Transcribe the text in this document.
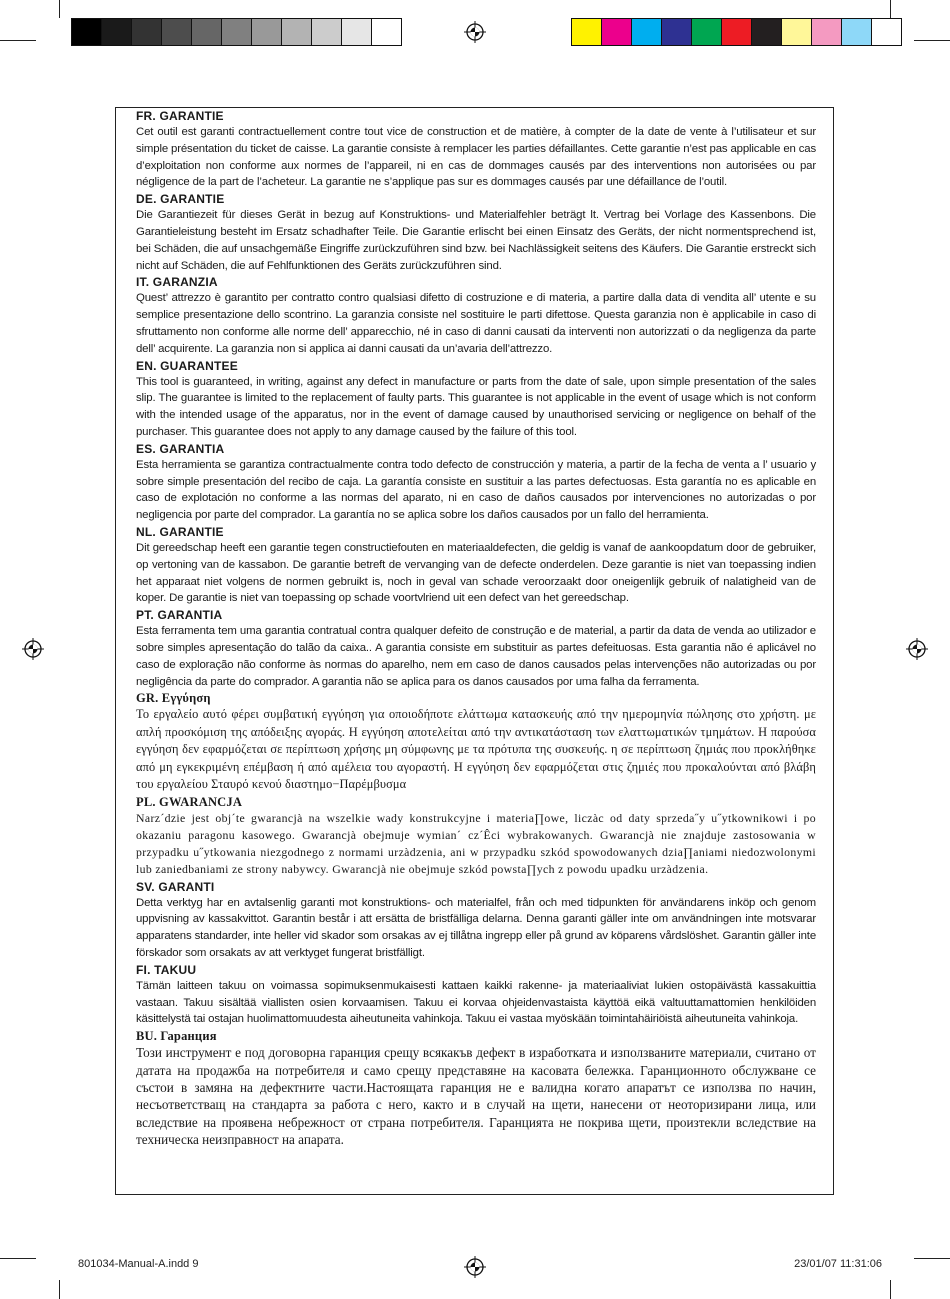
FR. GARANTIE
Cet outil est garanti contractuellement contre tout vice de construction et de matière, à compter de la date de vente à l’utilisateur et sur simple présentation du ticket de caisse. La garantie consiste à remplacer les parties défaillantes. Cette garantie n’est pas applicable en cas d’exploitation non conforme aux normes de l’appareil, ni en cas de dommages causés par des interventions non autorisées ou par négligence de la part de l’acheteur. La garantie ne s’applique pas sur es dommages causés par une défaillance de l’outil.
DE. GARANTIE
Die Garantiezeit für dieses Gerät in bezug auf Konstruktions- und Materialfehler beträgt lt. Vertrag bei Vorlage des Kassenbons. Die Garantieleistung besteht im Ersatz schadhafter Teile. Die Garantie erlischt bei einen Einsatz des Geräts, der nicht normentsprechend ist, bei Schäden, die auf unsachgemäße Eingriffe zurückzuführen sind bzw. bei Nachlässigkeit seitens des Käufers. Die Garantie erstreckt sich nicht auf Schäden, die auf Fehlfunktionen des Geräts zurückzuführen sind.
IT. GARANZIA
Quest’ attrezzo è garantito per contratto contro qualsiasi difetto di costruzione e di materia, a partire dalla data di vendita all’ utente e su semplice presentazione dello scontrino. La garanzia consiste nel sostituire le parti difettose. Questa garanzia non è applicabile in caso di sfruttamento non conforme alle norme dell’ apparecchio, né in caso di danni causati da interventi non autorizzati o da negligenza da parte dell’ acquirente. La garanzia non si applica ai danni causati da un’avaria dell’attrezzo.
EN. GUARANTEE
This tool is guaranteed, in writing, against any defect in manufacture or parts from the date of sale, upon simple presentation of the sales slip. The guarantee is limited to the replacement of faulty parts. This guarantee is not applicable in the event of usage which is not conform with the intended usage of the apparatus, nor in the event of damage caused by unauthorised servicing or negligence on behalf of the purchaser. This guarantee does not apply to any damage caused by the failure of this tool.
ES. GARANTIA
Esta herramienta se garantiza contractualmente contra todo defecto de construcción y materia, a partir de la fecha de venta a l’ usuario y sobre simple presentación del recibo de caja. La garantía consiste en sustituir a las partes defectuosas. Esta garantía no es aplicable en caso de explotación no conforme a las normas del aparato, ni en caso de daños causados por intervenciones no autorizadas o por negligencia por parte del comprador. La garantía no se aplica sobre los daños causados por un fallo del herramienta.
NL. GARANTIE
Dit gereedschap heeft een garantie tegen constructiefouten en materiaaldefecten, die geldig is vanaf de aankoopdatum door de gebruiker, op vertoning van de kassabon. De garantie betreft de vervanging van de defecte onderdelen. Deze garantie is niet van toepassing indien het apparaat niet volgens de normen gebruikt is, noch in geval van schade veroorzaakt door oneigenlijk gebruik of nalatigheid van de koper. De garantie is niet van toepassing op schade voortvlriend uit een defect van het gereedschap.
PT. GARANTIA
Esta ferramenta tem uma garantia contratual contra qualquer defeito de construção e de material, a partir da data de venda ao utilizador e sobre simples apresentação do talão da caixa.. A garantia consiste em substituir as partes defeituosas. Esta garantia não é aplicável no caso de exploração não conforme às normas do aparelho, nem em caso de danos causados pelas intervenções não autorizadas ou por negligência da parte do comprador. A garantia não se aplica para os danos causados por uma falha da ferramenta.
GR. Εγγύηση
Το εργαλείο αυτό φέρει συμβατική εγγύηση για οποιοδήποτε ελάττωμα κατασκευής από την ημερομηνία πώλησης στο χρήστη. με απλή προσκόμιση της απόδειξης αγοράς. Η εγγύηση αποτελείται από την αντικατάσταση των ελαττωματικών τμημάτων. Η παρούσα εγγύηση δεν εφαρμόζεται σε περίπτωση χρήσης μη σύμφωνης με τα πρότυπα της συσκευής. η σε περίπτωση ζημιάς που προκλήθηκε από μη εγκεκριμένη επέμβαση ή από αμέλεια του αγοραστή. Η εγγύηση δεν εφαρμόζεται στις ζημιές που προκαλούνται από βλάβη του εργαλείου Σταυρό κενού διαστημο−Παρέμβυσμα
PL. GWARANCJA
Narz´dzie jest obj´te gwarancjà na wszelkie wady konstrukcyjne i materia∏owe, liczàc od daty sprzeda˝y u˝ytkownikowi i po okazaniu paragonu kasowego. Gwarancjà obejmuje wymian´ cz´Êci wybrakowanych. Gwarancjà nie znajduje zastosowania w przypadku u˝ytkowania niezgodnego z normami urzàdzenia, ani w przypadku szkód spowodowanych dzia∏aniami niedozwolonymi lub zaniedbaniami ze strony nabywcy. Gwarancjà nie obejmuje szkód powsta∏ych z powodu upadku urzàdzenia.
SV. GARANTI
Detta verktyg har en avtalsenlig garanti mot konstruktions- och materialfel, från och med tidpunkten för användarens inköp och genom uppvisning av kassakvittot. Garantin består i att ersätta de bristfälliga delarna. Denna garanti gäller inte om användningen inte motsvarar apparatens standarder, inte heller vid skador som orsakas av ej tillåtna ingrepp eller på grund av köparens vårdslöshet. Garantin gäller inte förskador som orsakats av att verktyget fungerat bristfälligt.
FI. TAKUU
Tämän laitteen takuu on voimassa sopimuksenmukaisesti kattaen kaikki rakenne- ja materiaaliviat lukien ostopäivästä kassakuittia vastaan. Takuu sisältää viallisten osien korvaamisen. Takuu ei korvaa ohjeidenvastaista käyttöä eikä valtuuttamattomien henkilöiden käsittelystä tai ostajan huolimattomuudesta aiheutuneita vahinkoja. Takuu ei vastaa myöskään toimintahäiriöistä aiheutuneita vahinkoja.
BU. Гаранция
Този инструмент е под договорна гаранция срещу всякакъв дефект в изработката и използваните материали, считано от датата на продажба на потребителя и само срещу представяне на касовата бележка. Гаранционното обслужване се състои в замяна на дефектните части.Настоящата гаранция не е валидна когато апаратът се използва по начин, несъответстващ на стандарта за работа с него, както и в случай на щети, нанесени от неоторизирани лица, или вследствие на проявена небрежност от страна потребителя. Гаранцията не покрива щети, произтекли вследствие на техническа неизправност на апарата.
801034-Manual-A.indd 9	23/01/07 11:31:06
